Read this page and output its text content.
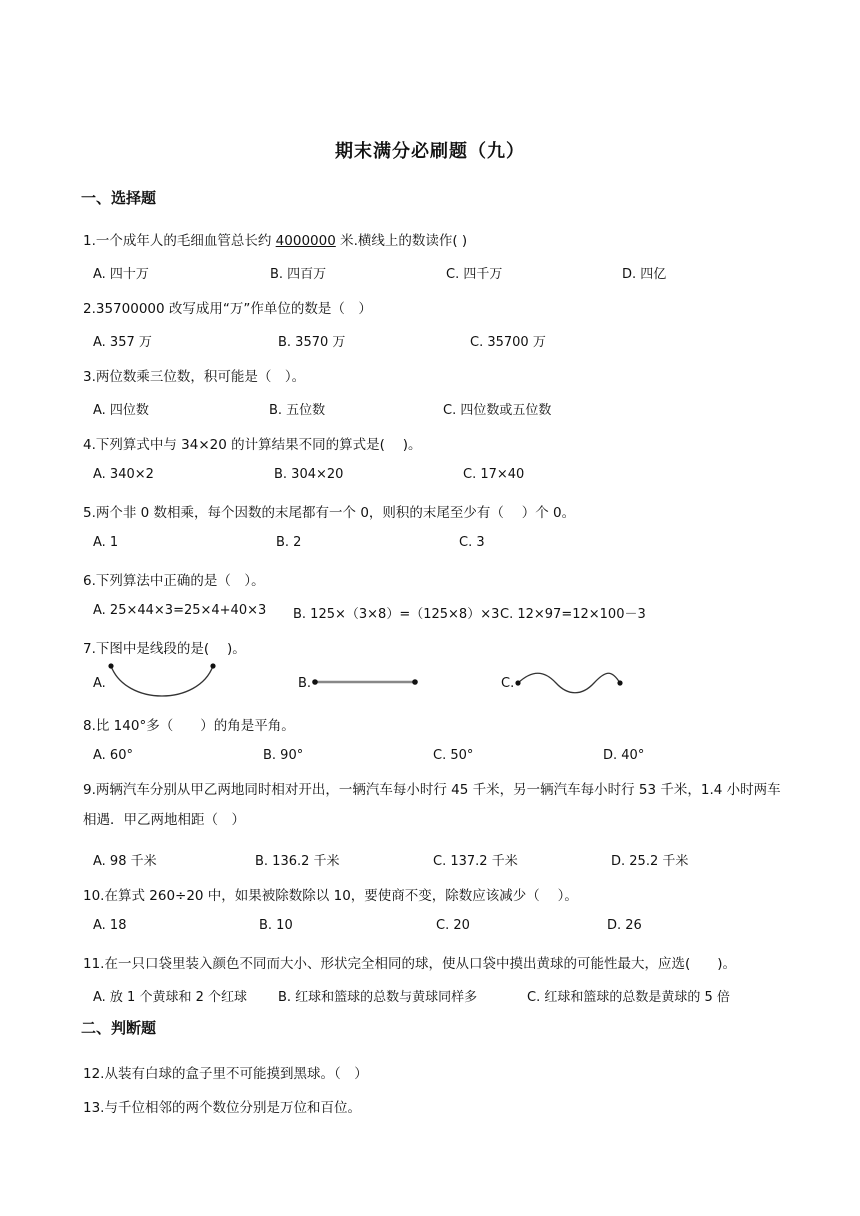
期末满分必刷题（九）
一、选择题
1.一个成年人的毛细血管总长约 4000000 米.横线上的数读作( )
A. 四十万	B. 四百万	C. 四千万	D. 四亿
2.35700000 改写成用“万”作单位的数是（　）
A. 357 万	B. 3570 万	C. 35700 万
3.两位数乘三位数，积可能是（　）。
A. 四位数	B. 五位数	C. 四位数或五位数
4.下列算式中与 34×20 的计算结果不同的算式是(　 )。
A. 340×2	B. 304×20	C. 17×40
5.两个非 0 数相乘，每个因数的末尾都有一个 0，则积的末尾至少有（　 ）个 0。
A. 1	B. 2	C. 3
6.下列算法中正确的是（　）。
A. 25×44×3=25×4+40×3 B. 125×（3×8）=（125×8）×3 C. 12×97=12×100－3
7.下图中是线段的是(　 )。
A.	B.	C.
8.比 140°多（　　）的角是平角。
A. 60°	B. 90°	C. 50°	D. 40°
9.两辆汽车分别从甲乙两地同时相对开出，一辆汽车每小时行 45 千米，另一辆汽车每小时行 53 千米，1.4 小时两车相遇．甲乙两地相距（　）
A. 98 千米	B. 136.2 千米	C. 137.2 千米	D. 25.2 千米
10.在算式 260÷20 中，如果被除数除以 10，要使商不变，除数应该减少（　 ）。
A. 18	B. 10	C. 20	D. 26
11.在一只口袋里装入颜色不同而大小、形状完全相同的球，使从口袋中摸出黄球的可能性最大，应选(　　)。
A. 放 1 个黄球和 2 个红球 B. 红球和篮球的总数与黄球同样多	C. 红球和篮球的总数是黄球的 5 倍
二、判断题
12.从装有白球的盒子里不可能摸到黑球。（　）
13.与千位相邻的两个数位分别是万位和百位。
